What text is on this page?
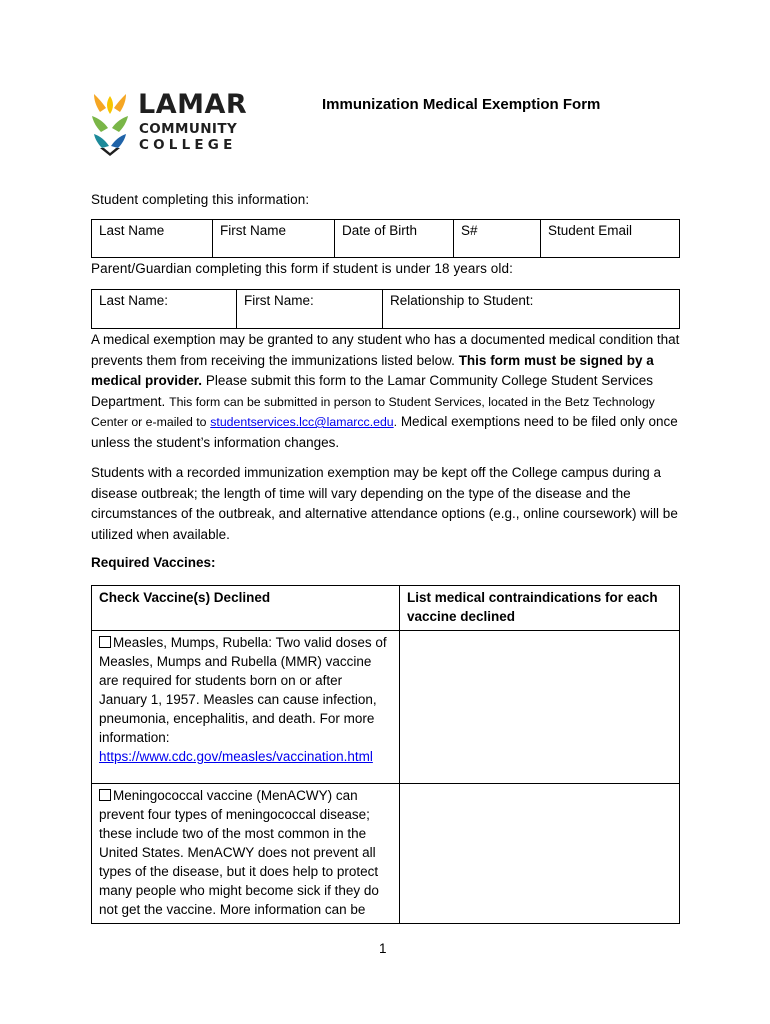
LAMAR
COMMUNITY
COLLEGE
Immunization Medical Exemption Form
Student completing this information:
Last Name	First Name	Date of Birth	S#	Student Email
Parent/Guardian completing this form if student is under 18 years old:
Last Name:	First Name:	Relationship to Student:
A medical exemption may be granted to any student who has a documented medical condition that prevents them from receiving the immunizations listed below. This form must be signed by a medical provider. Please submit this form to the Lamar Community College Student Services Department. This form can be submitted in person to Student Services, located in the Betz Technology Center or e-mailed to studentservices.lcc@lamarcc.edu. Medical exemptions need to be filed only once unless the student’s information changes.
Students with a recorded immunization exemption may be kept off the College campus during a disease outbreak; the length of time will vary depending on the type of the disease and the circumstances of the outbreak, and alternative attendance options (e.g., online coursework) will be utilized when available.
Required Vaccines:
Check Vaccine(s) Declined	List medical contraindications for each vaccine declined
Measles, Mumps, Rubella: Two valid doses of Measles, Mumps and Rubella (MMR) vaccine are required for students born on or after January 1, 1957. Measles can cause infection, pneumonia, encephalitis, and death. For more information: https://www.cdc.gov/measles/vaccination.html	
Meningococcal vaccine (MenACWY) can prevent four types of meningococcal disease; these include two of the most common in the United States. MenACWY does not prevent all types of the disease, but it does help to protect many people who might become sick if they do not get the vaccine. More information can be	
1
